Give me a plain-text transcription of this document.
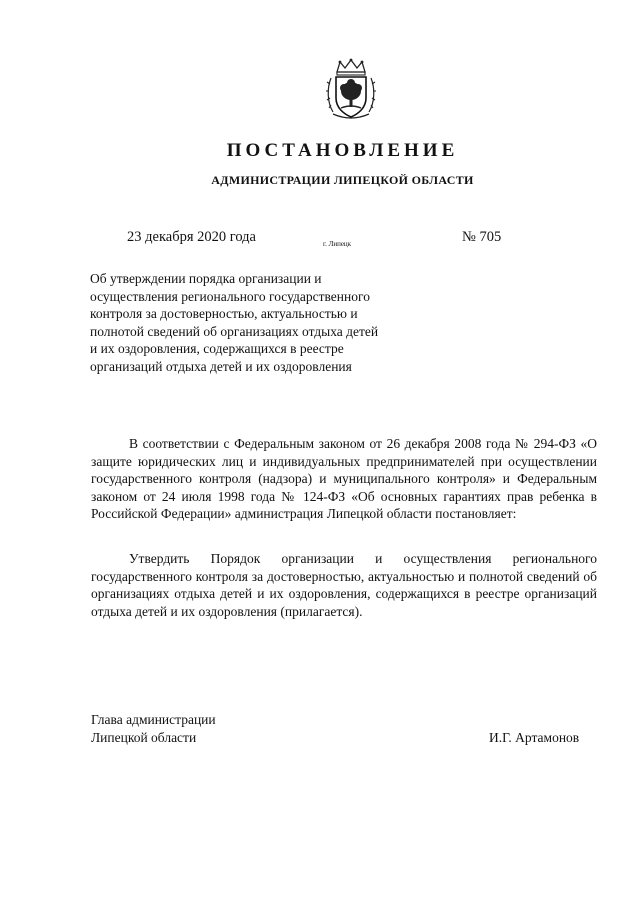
ПОСТАНОВЛЕНИЕ
АДМИНИСТРАЦИИ ЛИПЕЦКОЙ ОБЛАСТИ
23 декабря 2020 года	г. Липецк	№ 705
Об утверждении порядка организации и
осуществления регионального государственного
контроля за достоверностью, актуальностью и
полнотой сведений об организациях отдыха детей
и их оздоровления, содержащихся в реестре
организаций отдыха детей и их оздоровления
В соответствии с Федеральным законом от 26 декабря 2008 года № 294-ФЗ «О защите юридических лиц и индивидуальных предпринимателей при осуществлении государственного контроля (надзора) и муниципального контроля» и Федеральным законом от 24 июля 1998 года № 124-ФЗ «Об основных гарантиях прав ребенка в Российской Федерации» администрация Липецкой области постановляет:
Утвердить Порядок организации и осуществления регионального государственного контроля за достоверностью, актуальностью и полнотой сведений об организациях отдыха детей и их оздоровления, содержащихся в реестре организаций отдыха детей и их оздоровления (прилагается).
Глава администрации
Липецкой области	И.Г. Артамонов
